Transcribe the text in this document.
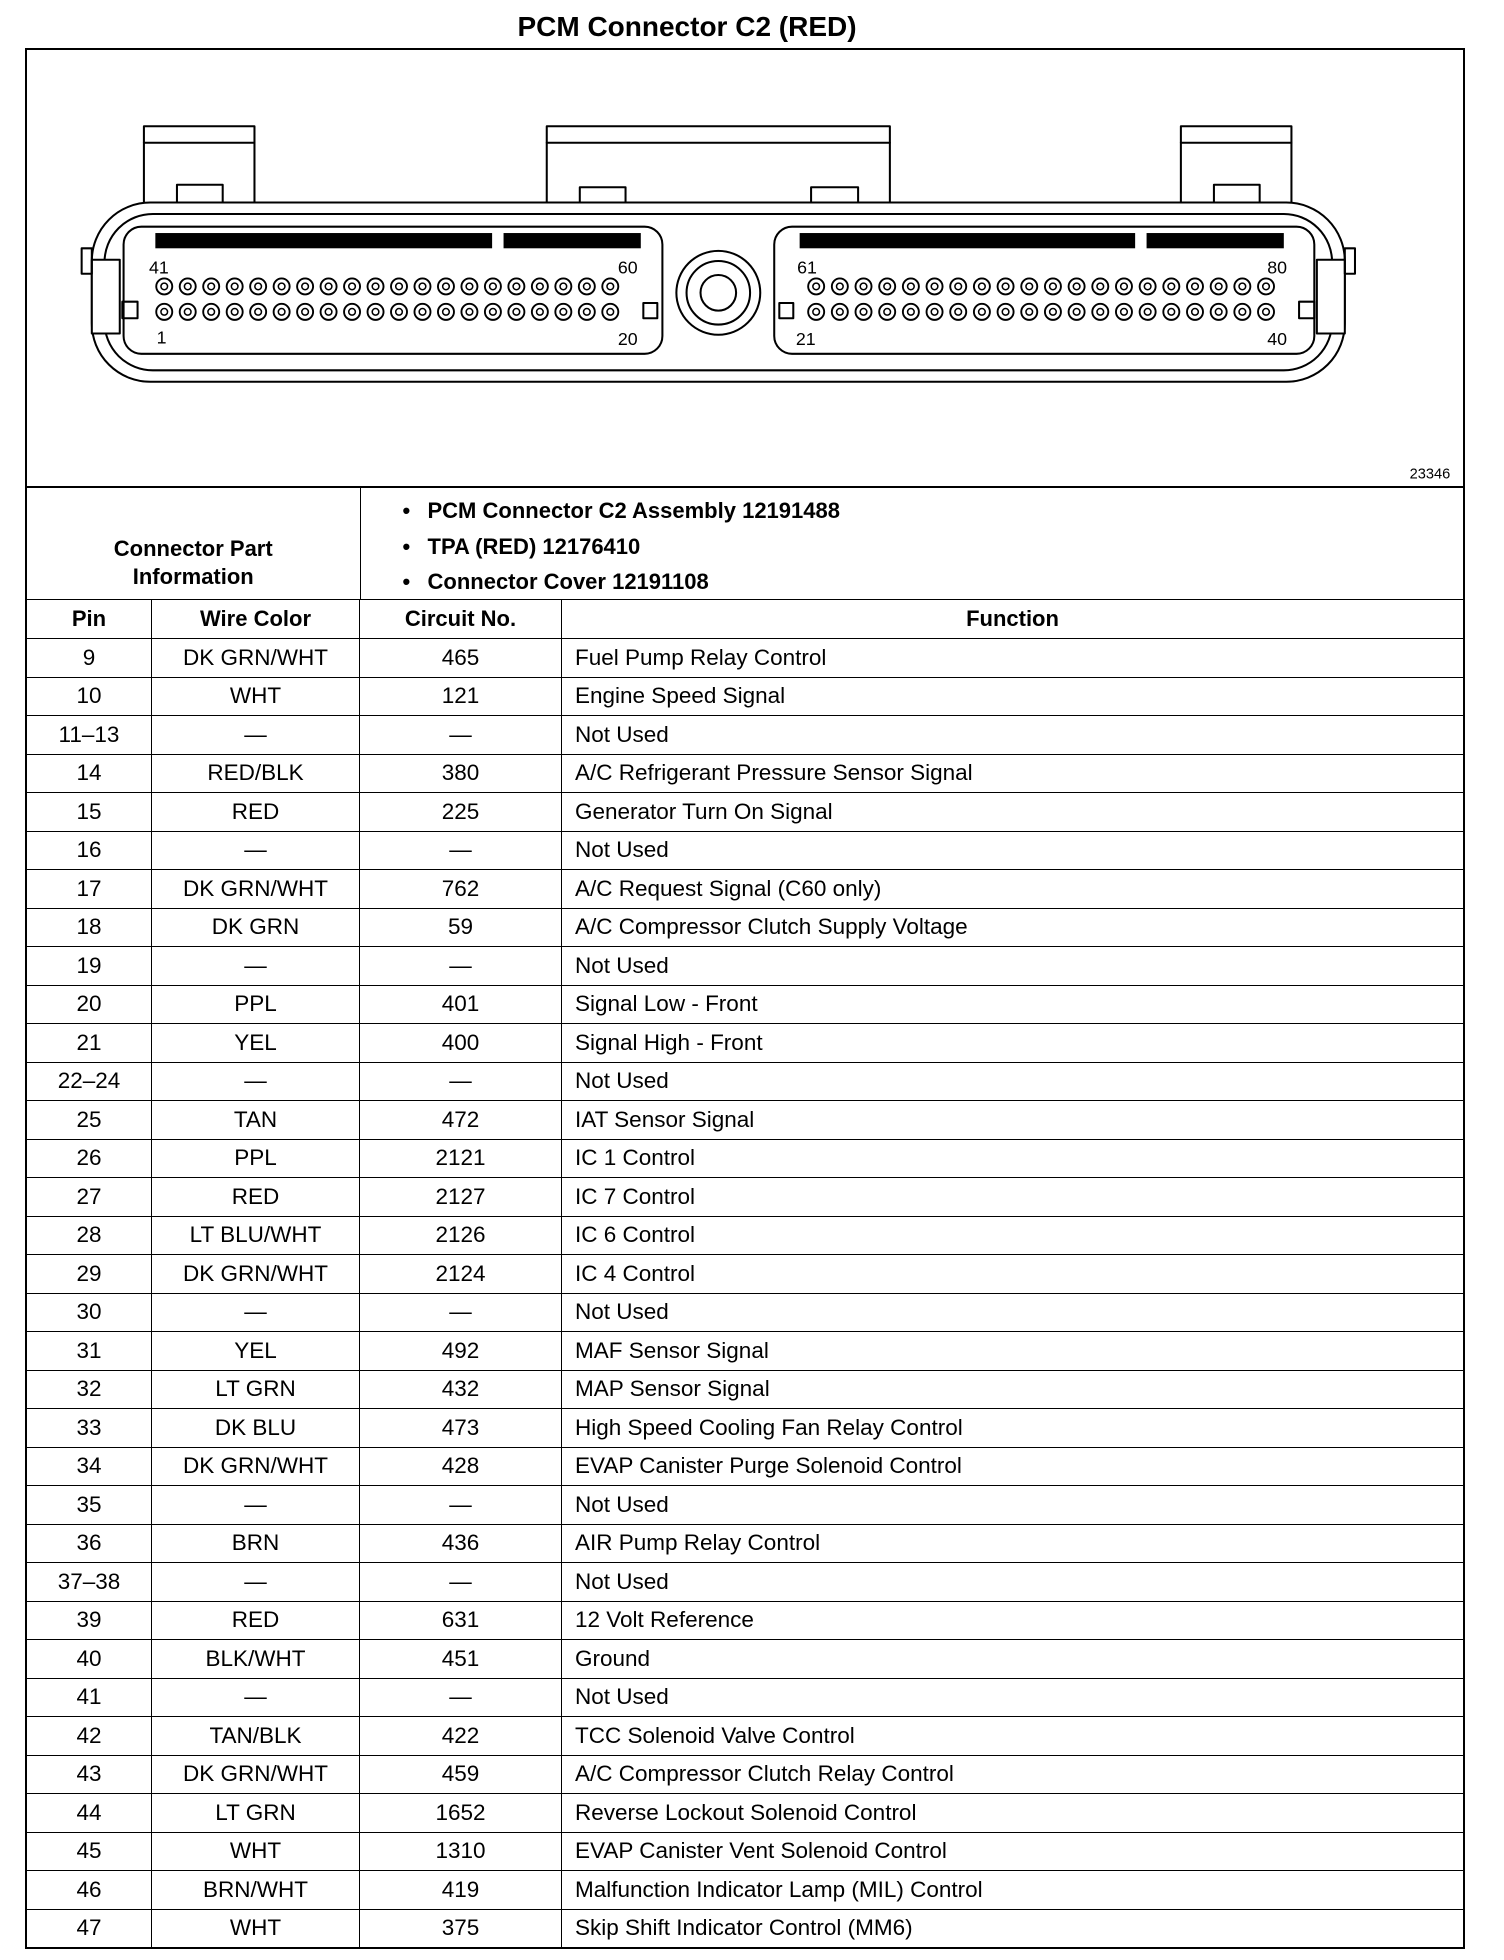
PCM Connector C2 (RED)
41	60
1	20
61	80
21	40
23346
Connector Part
Information
• PCM Connector C2 Assembly 12191488
• TPA (RED) 12176410
• Connector Cover 12191108
Pin	Wire Color	Circuit No.	Function
9	DK GRN/WHT	465	Fuel Pump Relay Control
10	WHT	121	Engine Speed Signal
11–13	—	—	Not Used
14	RED/BLK	380	A/C Refrigerant Pressure Sensor Signal
15	RED	225	Generator Turn On Signal
16	—	—	Not Used
17	DK GRN/WHT	762	A/C Request Signal (C60 only)
18	DK GRN	59	A/C Compressor Clutch Supply Voltage
19	—	—	Not Used
20	PPL	401	Signal Low - Front
21	YEL	400	Signal High - Front
22–24	—	—	Not Used
25	TAN	472	IAT Sensor Signal
26	PPL	2121	IC 1 Control
27	RED	2127	IC 7 Control
28	LT BLU/WHT	2126	IC 6 Control
29	DK GRN/WHT	2124	IC 4 Control
30	—	—	Not Used
31	YEL	492	MAF Sensor Signal
32	LT GRN	432	MAP Sensor Signal
33	DK BLU	473	High Speed Cooling Fan Relay Control
34	DK GRN/WHT	428	EVAP Canister Purge Solenoid Control
35	—	—	Not Used
36	BRN	436	AIR Pump Relay Control
37–38	—	—	Not Used
39	RED	631	12 Volt Reference
40	BLK/WHT	451	Ground
41	—	—	Not Used
42	TAN/BLK	422	TCC Solenoid Valve Control
43	DK GRN/WHT	459	A/C Compressor Clutch Relay Control
44	LT GRN	1652	Reverse Lockout Solenoid Control
45	WHT	1310	EVAP Canister Vent Solenoid Control
46	BRN/WHT	419	Malfunction Indicator Lamp (MIL) Control
47	WHT	375	Skip Shift Indicator Control (MM6)
